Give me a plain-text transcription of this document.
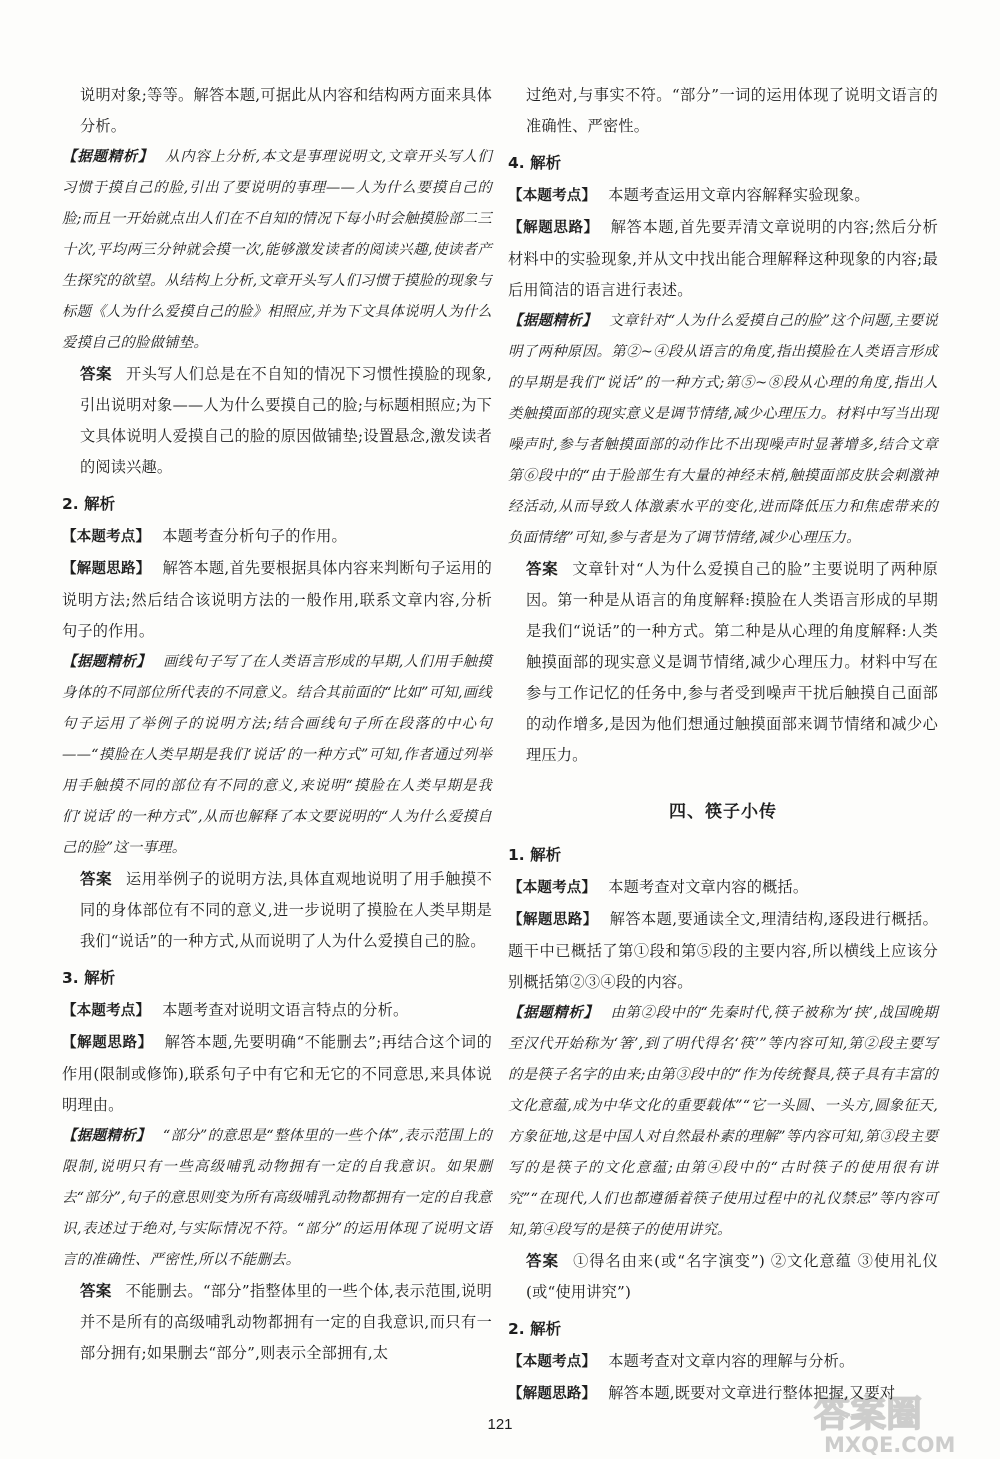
说明对象;等等。解答本题,可据此从内容和结构两方面来具体分析。

【据题精析】 从内容上分析,本文是事理说明文,文章开头写人们习惯于摸自己的脸,引出了要说明的事理——人为什么要摸自己的脸;而且一开始就点出人们在不自知的情况下每小时会触摸脸部二三十次,平均两三分钟就会摸一次,能够激发读者的阅读兴趣,使读者产生探究的欲望。从结构上分析,文章开头写人们习惯于摸脸的现象与标题《人为什么爱摸自己的脸》相照应,并为下文具体说明人为什么爱摸自己的脸做铺垫。

答案 开头写人们总是在不自知的情况下习惯性摸脸的现象,引出说明对象——人为什么要摸自己的脸;与标题相照应;为下文具体说明人爱摸自己的脸的原因做铺垫;设置悬念,激发读者的阅读兴趣。

2. 解析

【本题考点】 本题考查分析句子的作用。

【解题思路】 解答本题,首先要根据具体内容来判断句子运用的说明方法;然后结合该说明方法的一般作用,联系文章内容,分析句子的作用。

【据题精析】 画线句子写了在人类语言形成的早期,人们用手触摸身体的不同部位所代表的不同意义。结合其前面的“比如”可知,画线句子运用了举例子的说明方法;结合画线句子所在段落的中心句——“摸脸在人类早期是我们‘说话’的一种方式”可知,作者通过列举用手触摸不同的部位有不同的意义,来说明“摸脸在人类早期是我们‘说话’的一种方式”,从而也解释了本文要说明的“人为什么爱摸自己的脸”这一事理。

答案 运用举例子的说明方法,具体直观地说明了用手触摸不同的身体部位有不同的意义,进一步说明了摸脸在人类早期是我们“说话”的一种方式,从而说明了人为什么爱摸自己的脸。

3. 解析

【本题考点】 本题考查对说明文语言特点的分析。

【解题思路】 解答本题,先要明确“不能删去”;再结合这个词的作用(限制或修饰),联系句子中有它和无它的不同意思,来具体说明理由。

【据题精析】 “部分”的意思是“整体里的一些个体”,表示范围上的限制,说明只有一些高级哺乳动物拥有一定的自我意识。如果删去“部分”,句子的意思则变为所有高级哺乳动物都拥有一定的自我意识,表述过于绝对,与实际情况不符。“部分”的运用体现了说明文语言的准确性、严密性,所以不能删去。

答案 不能删去。“部分”指整体里的一些个体,表示范围,说明并不是所有的高级哺乳动物都拥有一定的自我意识,而只有一部分拥有;如果删去“部分”,则表示全部拥有,太

过绝对,与事实不符。“部分”一词的运用体现了说明文语言的准确性、严密性。

4. 解析

【本题考点】 本题考查运用文章内容解释实验现象。

【解题思路】 解答本题,首先要弄清文章说明的内容;然后分析材料中的实验现象,并从文中找出能合理解释这种现象的内容;最后用简洁的语言进行表述。

【据题精析】 文章针对“人为什么爱摸自己的脸”这个问题,主要说明了两种原因。第②~④段从语言的角度,指出摸脸在人类语言形成的早期是我们“说话”的一种方式;第⑤~⑧段从心理的角度,指出人类触摸面部的现实意义是调节情绪,减少心理压力。材料中写当出现噪声时,参与者触摸面部的动作比不出现噪声时显著增多,结合文章第⑥段中的“由于脸部生有大量的神经末梢,触摸面部皮肤会刺激神经活动,从而导致人体激素水平的变化,进而降低压力和焦虑带来的负面情绪”可知,参与者是为了调节情绪,减少心理压力。

答案 文章针对“人为什么爱摸自己的脸”主要说明了两种原因。第一种是从语言的角度解释:摸脸在人类语言形成的早期是我们“说话”的一种方式。第二种是从心理的角度解释:人类触摸面部的现实意义是调节情绪,减少心理压力。材料中写在参与工作记忆的任务中,参与者受到噪声干扰后触摸自己面部的动作增多,是因为他们想通过触摸面部来调节情绪和减少心理压力。

四、筷子小传
1. 解析

【本题考点】 本题考查对文章内容的概括。

【解题思路】 解答本题,要通读全文,理清结构,逐段进行概括。题干中已概括了第①段和第⑤段的主要内容,所以横线上应该分别概括第②③④段的内容。

【据题精析】 由第②段中的“先秦时代,筷子被称为‘挟’,战国晚期至汉代开始称为‘箸’,到了明代得名‘筷’”等内容可知,第②段主要写的是筷子名字的由来;由第③段中的“作为传统餐具,筷子具有丰富的文化意蕴,成为中华文化的重要载体”“它一头圆、一头方,圆象征天,方象征地,这是中国人对自然最朴素的理解”等内容可知,第③段主要写的是筷子的文化意蕴;由第④段中的“古时筷子的使用很有讲究”“在现代,人们也都遵循着筷子使用过程中的礼仪禁忌”等内容可知,第④段写的是筷子的使用讲究。

答案 ①得名由来(或“名字演变”) ②文化意蕴 ③使用礼仪(或“使用讲究”)

2. 解析

【本题考点】 本题考查对文章内容的理解与分析。

【解题思路】 解答本题,既要对文章进行整体把握,又要对

121	答案圈
MXQE.COM
